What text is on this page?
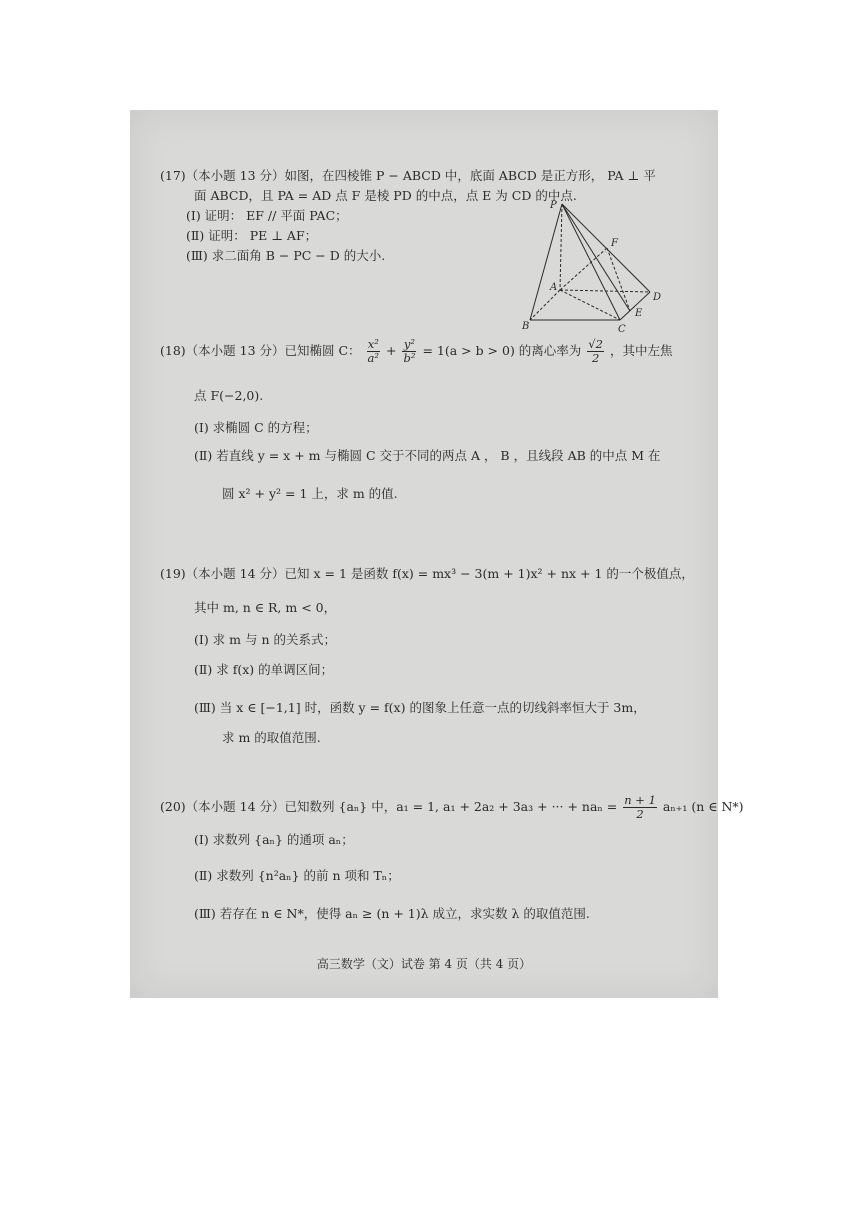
⋯
(17)（本小题 13 分）如图，在四棱锥 P − ABCD 中，底面 ABCD 是正方形， PA ⊥ 平
面 ABCD，且 PA = AD 点 F 是棱 PD 的中点，点 E 为 CD 的中点.
(Ⅰ) 证明： EF // 平面 PAC；
(Ⅱ) 证明： PE ⊥ AF；
(Ⅲ) 求二面角 B − PC − D 的大小.
P
F
A
D
E
B	C
(18)（本小题 13 分）已知椭圆 C： $\frac{\text{x²}}{\text{a²}} + \frac{\text{y²}}{\text{b²}} = 1(a > b > 0)$ 的离心率为 $\frac{√2}{2}$ ，其中左焦
点 F(−2,0).
(Ⅰ) 求椭圆 C 的方程；
(Ⅱ) 若直线 y = x + m 与椭圆 C 交于不同的两点 A ， B ，且线段 AB 的中点 M 在
圆 x² + y² = 1 上，求 m 的值.
(19)（本小题 14 分）已知 x = 1 是函数 f(x) = mx³ − 3(m + 1)x² + nx + 1 的一个极值点，
其中 m, n ∈ R, m < 0，
(Ⅰ) 求 m 与 n 的关系式；
(Ⅱ) 求 f(x) 的单调区间；
(Ⅲ) 当 x ∈ [−1,1] 时，函数 y = f(x) 的图象上任意一点的切线斜率恒大于 3m，
求 m 的取值范围.
(20)（本小题 14 分）已知数列 {aₙ} 中，a₁ = 1, a₁ + 2a₂ + 3a₃ + ··· + $na_n = \frac{n + 1}{2} a_{n+1}$ (n ∈ N*)
(Ⅰ) 求数列 {aₙ} 的通项 aₙ；
(Ⅱ) 求数列 {n²aₙ} 的前 n 项和 Tₙ；
(Ⅲ) 若存在 n ∈ N*，使得 aₙ ≥ (n + 1)λ 成立，求实数 λ 的取值范围.
高三数学（文）试卷 第 4 页（共 4 页）
